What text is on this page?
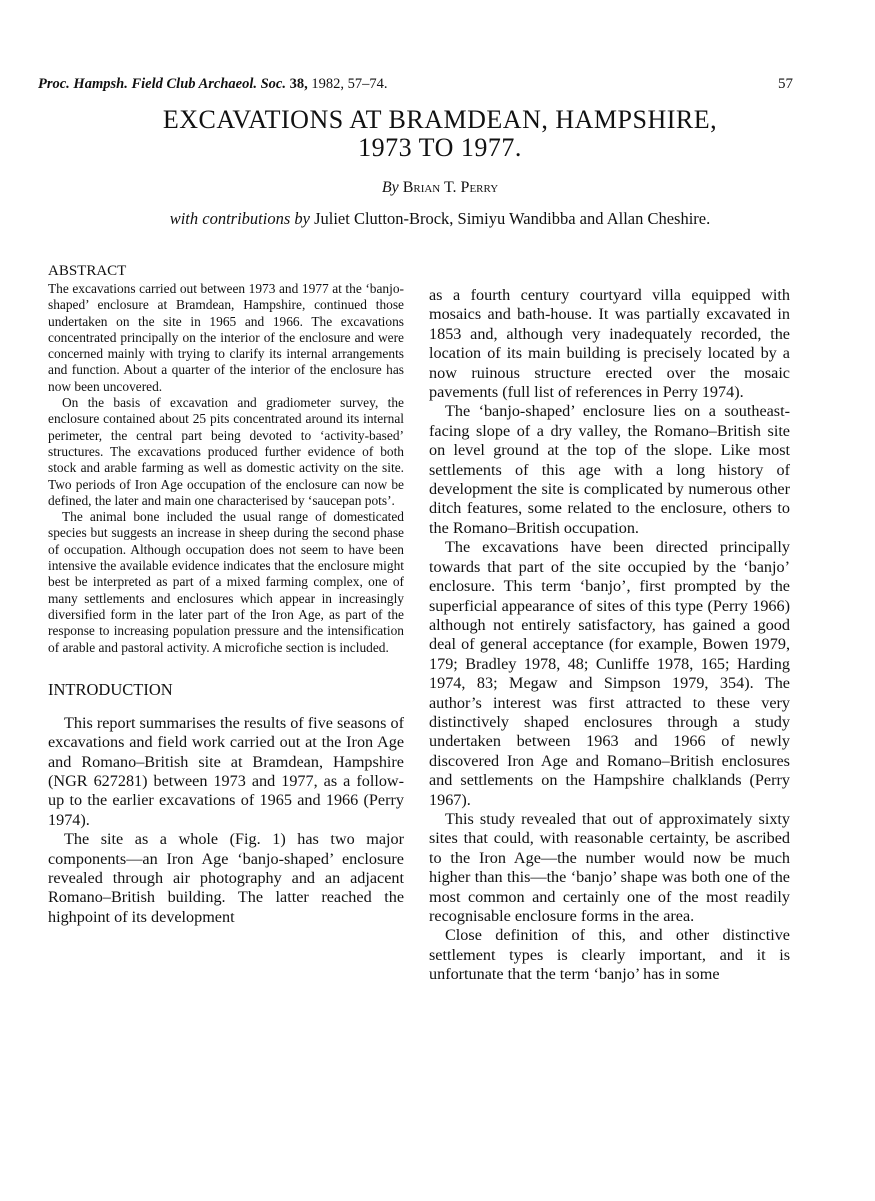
Proc. Hampsh. Field Club Archaeol. Soc. 38, 1982, 57–74.	57
EXCAVATIONS AT BRAMDEAN, HAMPSHIRE,
1973 TO 1977.
By Brian T. Perry
with contributions by Juliet Clutton-Brock, Simiyu Wandibba and Allan Cheshire.
ABSTRACT

The excavations carried out between 1973 and 1977 at the ‘banjo-shaped’ enclosure at Bramdean, Hampshire, continued those undertaken on the site in 1965 and 1966. The excavations concentrated principally on the interior of the enclosure and were concerned mainly with trying to clarify its internal arrangements and function. About a quarter of the interior of the enclosure has now been uncovered.

On the basis of excavation and gradiometer survey, the enclosure contained about 25 pits concentrated around its internal perimeter, the central part being devoted to ‘activity-based’ structures. The excavations produced further evidence of both stock and arable farming as well as domestic activity on the site. Two periods of Iron Age occupation of the enclosure can now be defined, the later and main one characterised by ‘saucepan pots’.

The animal bone included the usual range of domesticated species but suggests an increase in sheep during the second phase of occupation. Although occupation does not seem to have been intensive the available evidence indicates that the enclosure might best be interpreted as part of a mixed farming complex, one of many settlements and enclosures which appear in increasingly diversified form in the later part of the Iron Age, as part of the response to increasing population pressure and the intensification of arable and pastoral activity. A microfiche section is included.

INTRODUCTION

This report summarises the results of five seasons of excavations and field work carried out at the Iron Age and Romano–British site at Bramdean, Hampshire (NGR 627281) between 1973 and 1977, as a follow-up to the earlier excavations of 1965 and 1966 (Perry 1974).

The site as a whole (Fig. 1) has two major components—an Iron Age ‘banjo-shaped’ enclosure revealed through air photography and an adjacent Romano–British building. The latter reached the highpoint of its development

as a fourth century courtyard villa equipped with mosaics and bath-house. It was partially excavated in 1853 and, although very inadequately recorded, the location of its main building is precisely located by a now ruinous structure erected over the mosaic pavements (full list of references in Perry 1974).

The ‘banjo-shaped’ enclosure lies on a southeast-facing slope of a dry valley, the Romano–British site on level ground at the top of the slope. Like most settlements of this age with a long history of development the site is complicated by numerous other ditch features, some related to the enclosure, others to the Romano–British occupation.

The excavations have been directed principally towards that part of the site occupied by the ‘banjo’ enclosure. This term ‘banjo’, first prompted by the superficial appearance of sites of this type (Perry 1966) although not entirely satisfactory, has gained a good deal of general acceptance (for example, Bowen 1979, 179; Bradley 1978, 48; Cunliffe 1978, 165; Harding 1974, 83; Megaw and Simpson 1979, 354). The author’s interest was first attracted to these very distinctively shaped enclosures through a study undertaken between 1963 and 1966 of newly discovered Iron Age and Romano–British enclosures and settlements on the Hampshire chalklands (Perry 1967).

This study revealed that out of approximately sixty sites that could, with reasonable certainty, be ascribed to the Iron Age—the number would now be much higher than this—the ‘banjo’ shape was both one of the most common and certainly one of the most readily recognisable enclosure forms in the area.

Close definition of this, and other distinctive settlement types is clearly important, and it is unfortunate that the term ‘banjo’ has in some
